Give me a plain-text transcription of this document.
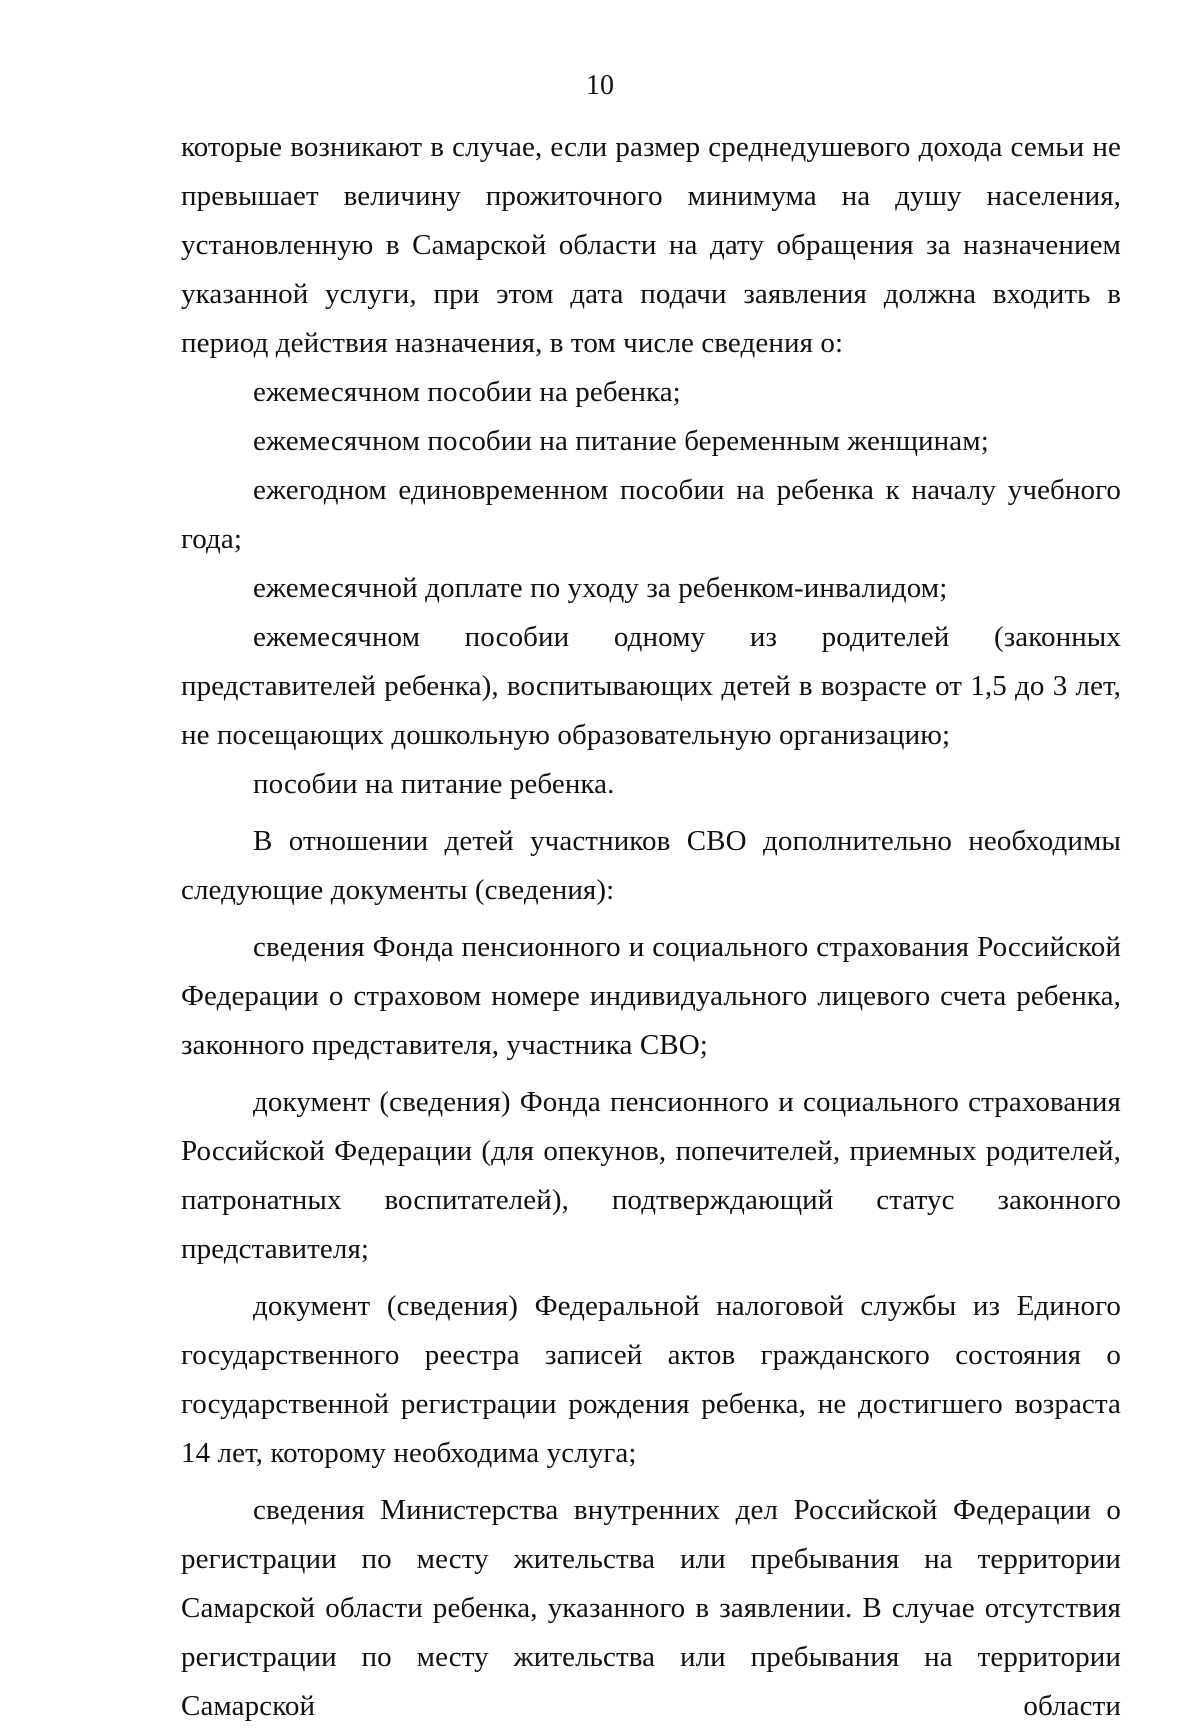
10

которые возникают в случае, если размер среднедушевого дохода семьи не превышает величину прожиточного минимума на душу населения, установленную в Самарской области на дату обращения за назначением указанной услуги, при этом дата подачи заявления должна входить в период действия назначения, в том числе сведения о:

ежемесячном пособии на ребенка;

ежемесячном пособии на питание беременным женщинам;

ежегодном единовременном пособии на ребенка к началу учебного года;

ежемесячной доплате по уходу за ребенком-инвалидом;

ежемесячном пособии одному из родителей (законных представителей ребенка), воспитывающих детей в возрасте от 1,5 до 3 лет, не посещающих дошкольную образовательную организацию;

пособии на питание ребенка.

В отношении детей участников СВО дополнительно необходимы следующие документы (сведения):

сведения Фонда пенсионного и социального страхования Российской Федерации о страховом номере индивидуального лицевого счета ребенка, законного представителя, участника СВО;

документ (сведения) Фонда пенсионного и социального страхования Российской Федерации (для опекунов, попечителей, приемных родителей, патронатных воспитателей), подтверждающий статус законного представителя;

документ (сведения) Федеральной налоговой службы из Единого государственного реестра записей актов гражданского состояния о государственной регистрации рождения ребенка, не достигшего возраста 14 лет, которому необходима услуга;

сведения Министерства внутренних дел Российской Федерации о регистрации по месту жительства или пребывания на территории Самарской области ребенка, указанного в заявлении. В случае отсутствия регистрации по месту жительства или пребывания на территории Самарской области
